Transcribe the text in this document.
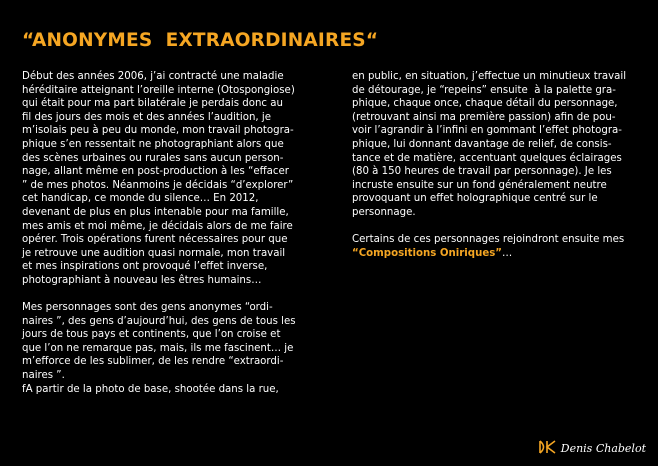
“ANONYMES  EXTRAORDINAIRES“
Début des années 2006, j’ai contracté une maladie
héréditaire atteignant l’oreille interne (Otospongiose)
qui était pour ma part bilatérale je perdais donc au
fil des jours des mois et des années l’audition, je
m’isolais peu à peu du monde, mon travail photogra-
phique s’en ressentait ne photographiant alors que
des scènes urbaines ou rurales sans aucun person-
nage, allant même en post-production à les “effacer
” de mes photos. Néanmoins je décidais “d’explorer”
cet handicap, ce monde du silence… En 2012,
devenant de plus en plus intenable pour ma famille,
mes amis et moi même, je décidais alors de me faire
opérer. Trois opérations furent nécessaires pour que
je retrouve une audition quasi normale, mon travail
et mes inspirations ont provoqué l’effet inverse,
photographiant à nouveau les êtres humains…
Mes personnages sont des gens anonymes “ordi-
naires ”, des gens d’aujourd’hui, des gens de tous les
jours de tous pays et continents, que l’on croise et
que l’on ne remarque pas, mais, ils me fascinent… je
m’efforce de les sublimer, de les rendre “extraordi-
naires ”.
fA partir de la photo de base, shootée dans la rue,
en public, en situation, j’effectue un minutieux travail
de détourage, je “repeins” ensuite  à la palette gra-
phique, chaque once, chaque détail du personnage,
(retrouvant ainsi ma première passion) afin de pou-
voir l’agrandir à l’infini en gommant l’effet photogra-
phique, lui donnant davantage de relief, de consis-
tance et de matière, accentuant quelques éclairages
(80 à 150 heures de travail par personnage). Je les
incruste ensuite sur un fond généralement neutre
provoquant un effet holographique centré sur le
personnage.
Certains de ces personnages rejoindront ensuite mes
“Compositions Oniriques”…
Denis Chabelot
